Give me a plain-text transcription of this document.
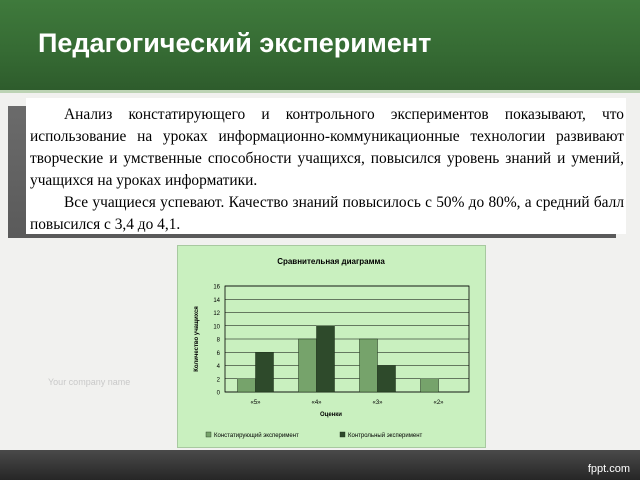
Педагогический эксперимент
Your company name

Анализ констатирующего и контрольного экспериментов показывают, что использование на уроках информационно-коммуникационные технологии развивают творческие и умственные способности учащихся, повысился уровень знаний и умений, учащихся на уроках информатики.

Все учащиеся успевают. Качество знаний повысилось с 50% до 80%, а средний балл повысился с 3,4 до 4,1.

Сравнительная диаграмма
0
2
4
6
8
10
12
14
16
«5»	«4»	«3»	«2»
Оценки
Количество учащихся
Констатирующий эксперимент	Контрольный эксперимент
fppt.com
